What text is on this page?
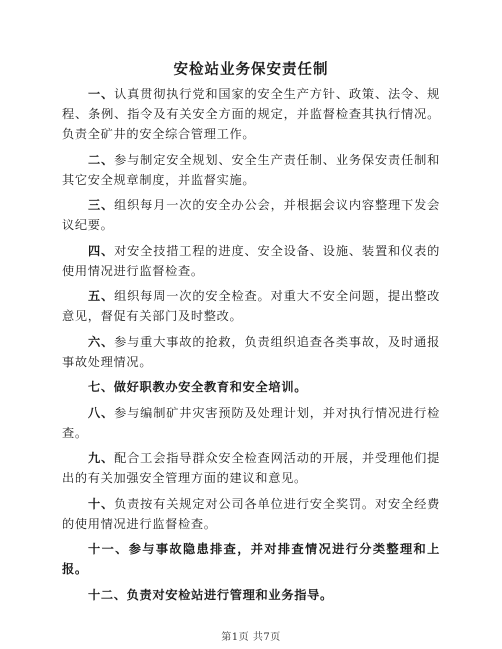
安检站业务保安责任制

一、认真贯彻执行党和国家的安全生产方针、政策、法令、规程、条例、指令及有关安全方面的规定，并监督检查其执行情况。负责全矿井的安全综合管理工作。

二、参与制定安全规划、安全生产责任制、业务保安责任制和其它安全规章制度，并监督实施。

三、组织每月一次的安全办公会，并根据会议内容整理下发会议纪要。

四、对安全技措工程的进度、安全设备、设施、装置和仪表的使用情况进行监督检查。

五、组织每周一次的安全检查。对重大不安全问题，提出整改意见，督促有关部门及时整改。

六、参与重大事故的抢救，负责组织追查各类事故，及时通报事故处理情况。

七、做好职教办安全教育和安全培训。

八、参与编制矿井灾害预防及处理计划，并对执行情况进行检查。

九、配合工会指导群众安全检查网活动的开展，并受理他们提出的有关加强安全管理方面的建议和意见。

十、负责按有关规定对公司各单位进行安全奖罚。对安全经费的使用情况进行监督检查。

十一、参与事故隐患排查，并对排查情况进行分类整理和上报。

十二、负责对安检站进行管理和业务指导。

第1页 共7页
